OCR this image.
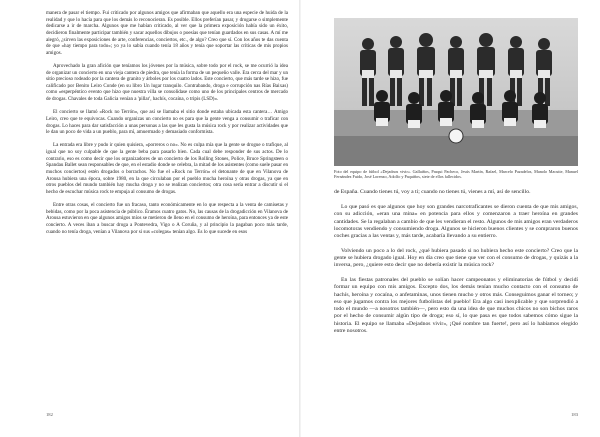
manera de pasar el tiempo. Fui criticado por algunos amigos que afirmaban que aquello era una especie de huida de la realidad y que lo hacía para que los demás lo reconocieran. Es posible. Ellos preferían pasar, y drogarse o simplemente dedicarse a ir de marcha. Algunos que me habían criticado, al ver que la primera exposición había sido un éxito, decidieron finalmente participar también y sacar aquellos dibujos o poesías que tenían guardados en sus casas. A mí me alegró, ¿sirven las exposiciones de arte, conferencias, conciertos, etc., de algo? Creo que sí. Con los años te das cuenta de que «hay tiempo para todo»; yo ya lo sabía cuando tenía 18 años y tenía que soportar las críticas de mis propios amigos.

Aprovechado la gran afición que teníamos los jóvenes por la música, sobre todo por el rock, se me ocurrió la idea de organizar un concierto en una vieja cantera de piedra, que tenía la forma de un pequeño valle. Era cerca del mar y un sitio precioso rodeado por la cantera de granito y árboles por los cuatro lados. Este concierto, que más tarde se hizo, fue calificado por Benito Leiro Conde (en su libro Un lugar tranquilo. Contrabando, droga e corrupción nas Rías Baixas) como «esperpéntico evento que hizo que nuestra villa se consolidase como uno de los principales centros de mercado de drogas. Chavales de toda Galicia venían a 'pillar', hachís, cocaína, o tripis (LSD)».

El concierto se llamó «Rock no Terrón», que así se llamaba el sitio donde estaba ubicada esta cantera… Amigo Leiro, creo que te equivocas. Cuando organizas un concierto no es para que la gente venga a consumir o traficar con drogas. Lo haces para dar satisfacción a unas personas a las que les gusta la música rock y por realizar actividades que le dan un poco de vida a un pueblo, para mí, amuermado y demasiado conformista.

La entrada era libre y pudo ir quien quisiera, «porreros o no». No es culpa mía que la gente se drogue o trafique, al igual que no soy culpable de que la gente beba para pasarlo bien. Cada cual debe responder de sus actos. De lo contrario, eso es como decir que los organizadores de un concierto de los Rolling Stones, Police, Bruce Springsteen o Spandau Ballet sean responsables de que, en el estadio donde se celebra, la mitad de los asistentes (como suele pasar en muchos conciertos) estén drogados o borrachos. No fue el «Rock no Terrón» el detonante de que en Vilanova de Arousa hubiera una época, sobre 1980, en la que circulaban por el pueblo mucha heroína y otras drogas, ya que en otros pueblos del mundo también hay mucha droga y no se realizan conciertos; otra cosa sería entrar a discutir si el hecho de escuchar música rock te empuja al consumo de drogas.

Entre otras cosas, el concierto fue un fracaso, tanto económicamente en lo que respecta a la venta de camisetas y bebidas, como por la poca asistencia de público. Éramos cuatro gatos. No, las causas de la drogadicción en Vilanova de Arousa estuvieron en que algunos amigos míos se metieron de lleno en el consumo de heroína, para entonces ya de este concierto. A veces iban a buscar droga a Pontevedra, Vigo o A Coruña, y al principio la pagaban poco más tarde, cuando no tenía droga, venían a Vilanova por si sus «colegas» tenían algo. Es lo que sucede en esos

182
Foto del equipo de fútbol «Dejadnos vivir». Gallaiños, Pasqui Pacheco, Jesús Martín, Rafael, Marcelo Pazadelos, Manolo Macutte, Manuel Fernández Fuido, José Lorenzo, Adolfo y Paquiños, siete de ellos fallecidos.

de España. Cuando tienes tú, voy a ti; cuando no tienes tú, vienes a mí, así de sencillo.

Lo que pasó es que algunos que hoy son grandes narcotraficantes se dieron cuenta de que mis amigos, con su adicción, «eran una mina» en potencia para ellos y comenzaron a traer heroína en grandes cantidades. Se la regalaban a cambio de que les vendieran el resto. Algunos de mis amigos eran verdaderos locomotoras vendiendo y consumiendo droga. Algunos se hicieron buenos clientes y se compraron buenos coches gracias a las ventas y, más tarde, acabaría llevando a su entierro.

Volviendo un poco a lo del rock, ¿qué hubiera pasado si no hubiera hecho este concierto? Creo que la gente se hubiera drogado igual. Hoy en día creo que tiene que ver con el consumo de drogas, y quizás a la inversa, pero, ¿quiere esto decir que no debería existir la música rock?

En las fiestas patronales del pueblo se solían hacer campeonatos y eliminatorias de fútbol y decidí formar un equipo con mis amigos. Excepto dos, los demás tenían mucho contacto con el consumo de hachís, heroína y cocaína, o anfetaminas, unos tienen mucho y otros más. Conseguimos ganar el torneo; y eso que jugamos contra los mejores futbolistas del pueblo! Era algo casi inexplicable y que sorprendió a todo el mundo —a nosotros también—, pero esto da una idea de que muchos chicos no son bichos raros por el hecho de consumir algún tipo de droga; eso sí, lo que pasa es que todos sabemos cómo sigue la historia. El equipo se llamaba «Dejadnos vivir», ¡Qué nombre tan fuerte!, pero así lo habíamos elegido entre nosotros.

183
